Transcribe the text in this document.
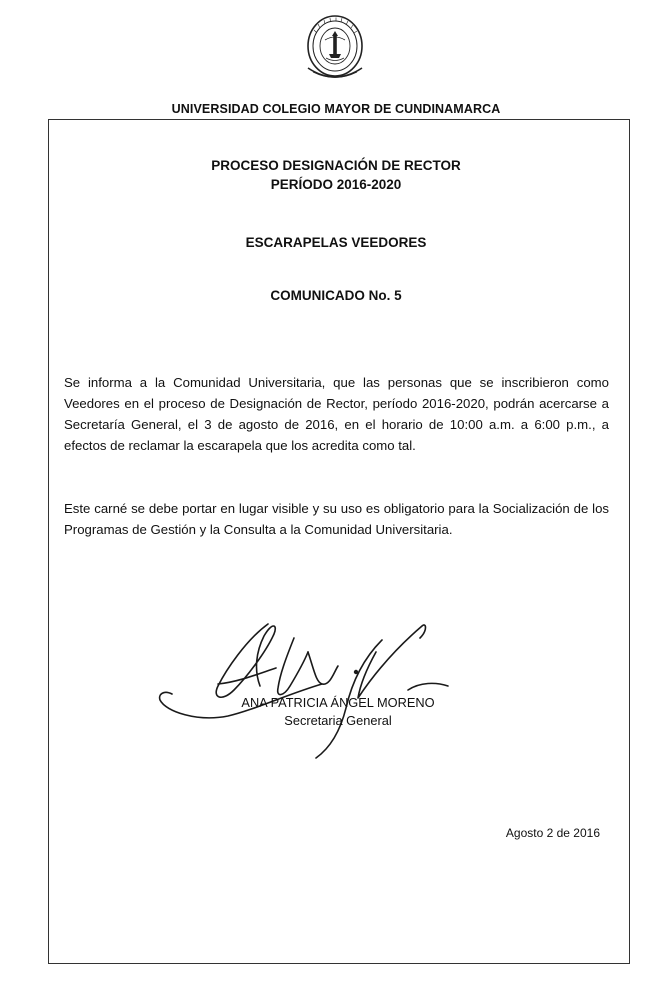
UNIVERSIDAD COLEGIO MAYOR DE CUNDINAMARCA
PROCESO DESIGNACIÓN DE RECTOR
PERÍODO 2016-2020
ESCARAPELAS VEEDORES
COMUNICADO No. 5

Se informa a la Comunidad Universitaria, que las personas que se inscribieron como Veedores en el proceso de Designación de Rector, período 2016-2020, podrán acercarse a Secretaría General, el 3 de agosto de 2016, en el horario de 10:00 a.m. a 6:00 p.m., a efectos de reclamar la escarapela que los acredita como tal.

Este carné se debe portar en lugar visible y su uso es obligatorio para la Socialización de los Programas de Gestión y la Consulta a la Comunidad Universitaria.

ANA PATRICIA ÁNGEL MORENO
Secretaria General
Agosto 2 de 2016
